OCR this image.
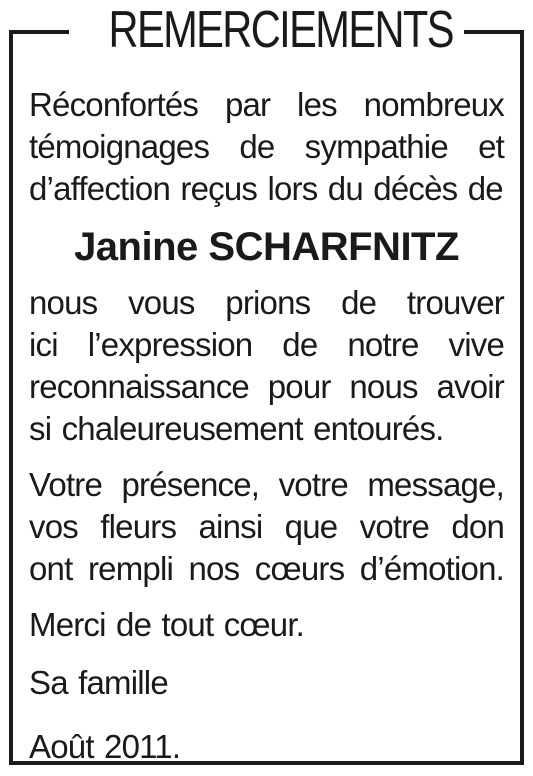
REMERCIEMENTS

Réconfortés par les nombreux
témoignages de sympathie et
d’affection reçus lors du décès de

Janine SCHARFNITZ

nous vous prions de trouver
ici l’expression de notre vive
reconnaissance pour nous avoir
si chaleureusement entourés.

Votre présence, votre message,
vos fleurs ainsi que votre don
ont rempli nos cœurs d’émotion.

Merci de tout cœur.

Sa famille
Août 2011.
